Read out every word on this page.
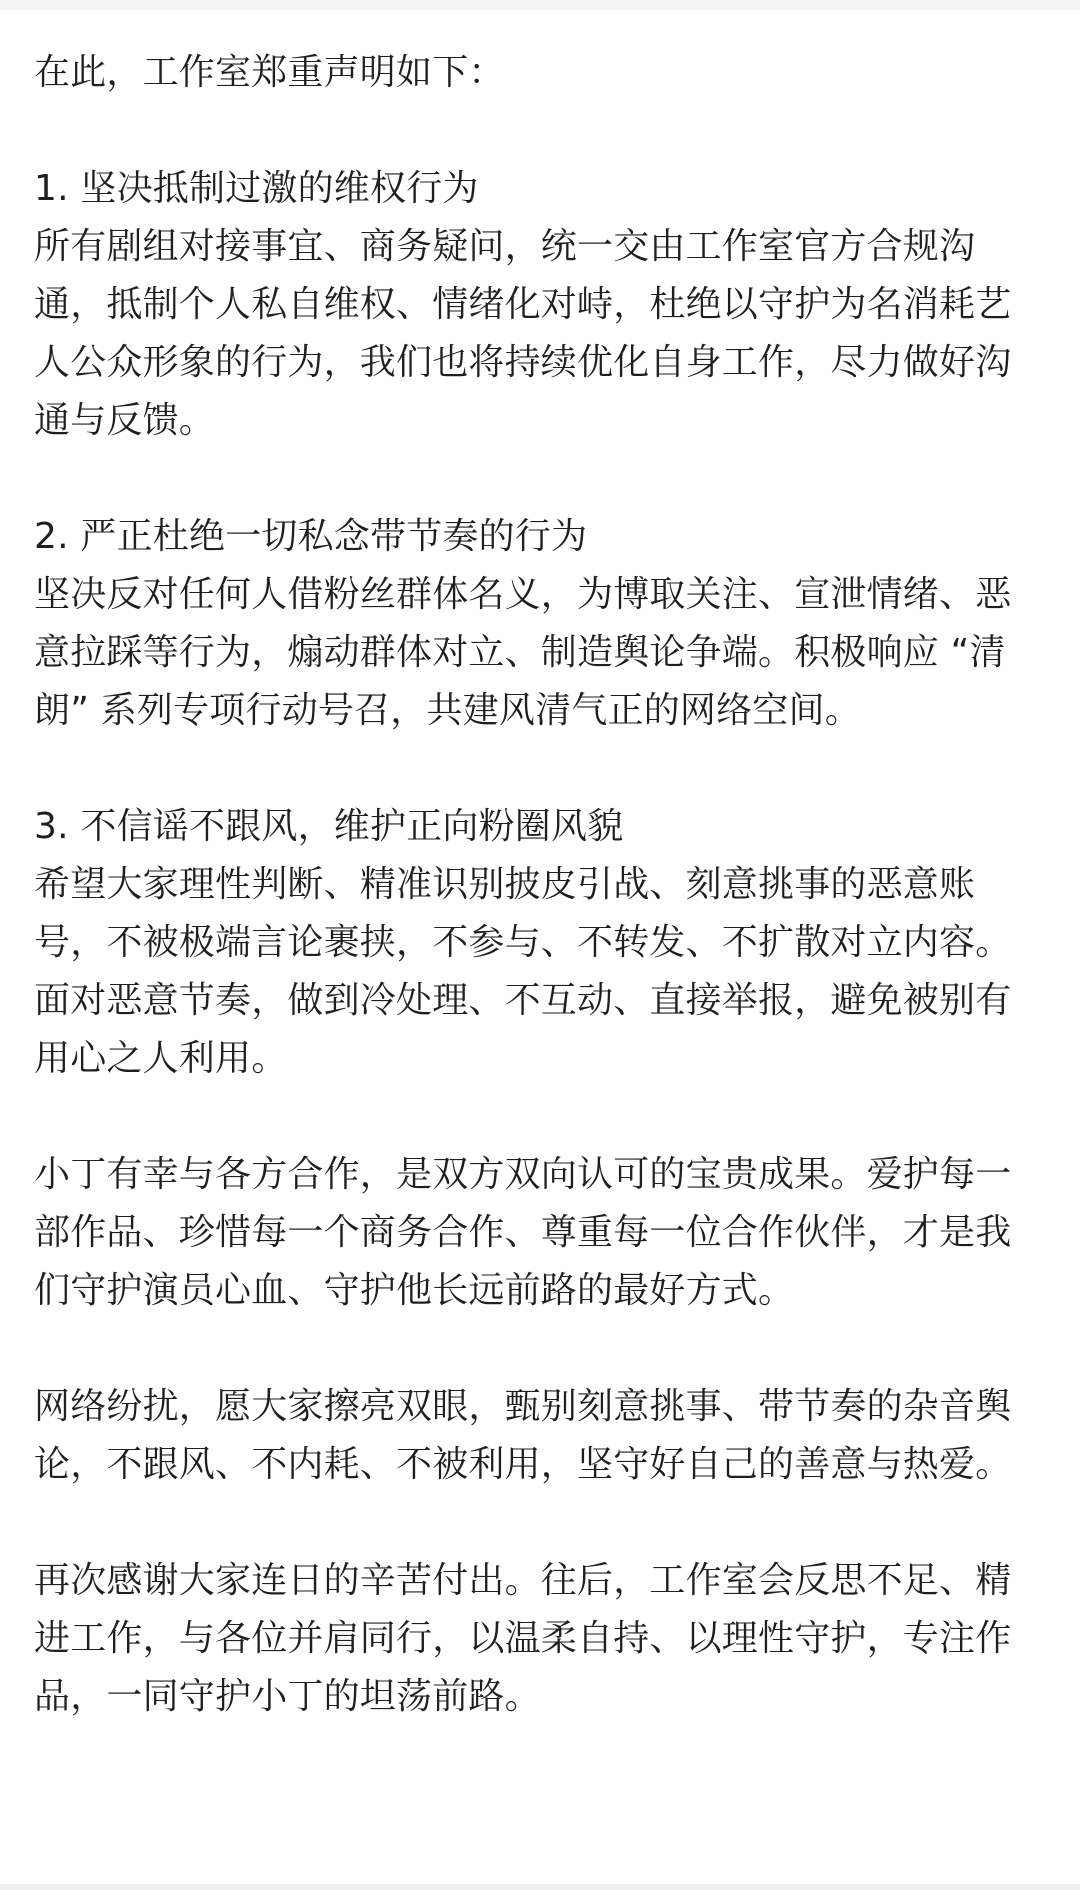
在此，工作室郑重声明如下：

1. 坚决抵制过激的维权行为
所有剧组对接事宜、商务疑问，统一交由工作室官方合规沟通，抵制个人私自维权、情绪化对峙，杜绝以守护为名消耗艺人公众形象的行为，我们也将持续优化自身工作，尽力做好沟通与反馈。
2. 严正杜绝一切私念带节奏的行为
坚决反对任何人借粉丝群体名义，为博取关注、宣泄情绪、恶意拉踩等行为，煽动群体对立、制造舆论争端。积极响应 “清朗” 系列专项行动号召，共建风清气正的网络空间。
3. 不信谣不跟风，维护正向粉圈风貌
希望大家理性判断、精准识别披皮引战、刻意挑事的恶意账号，不被极端言论裹挟，不参与、不转发、不扩散对立内容。面对恶意节奏，做到冷处理、不互动、直接举报，避免被别有用心之人利用。

小丁有幸与各方合作，是双方双向认可的宝贵成果。爱护每一部作品、珍惜每一个商务合作、尊重每一位合作伙伴，才是我们守护演员心血、守护他长远前路的最好方式。

网络纷扰，愿大家擦亮双眼，甄别刻意挑事、带节奏的杂音舆论，不跟风、不内耗、不被利用，坚守好自己的善意与热爱。

再次感谢大家连日的辛苦付出。往后，工作室会反思不足、精进工作，与各位并肩同行，以温柔自持、以理性守护，专注作品，一同守护小丁的坦荡前路。
